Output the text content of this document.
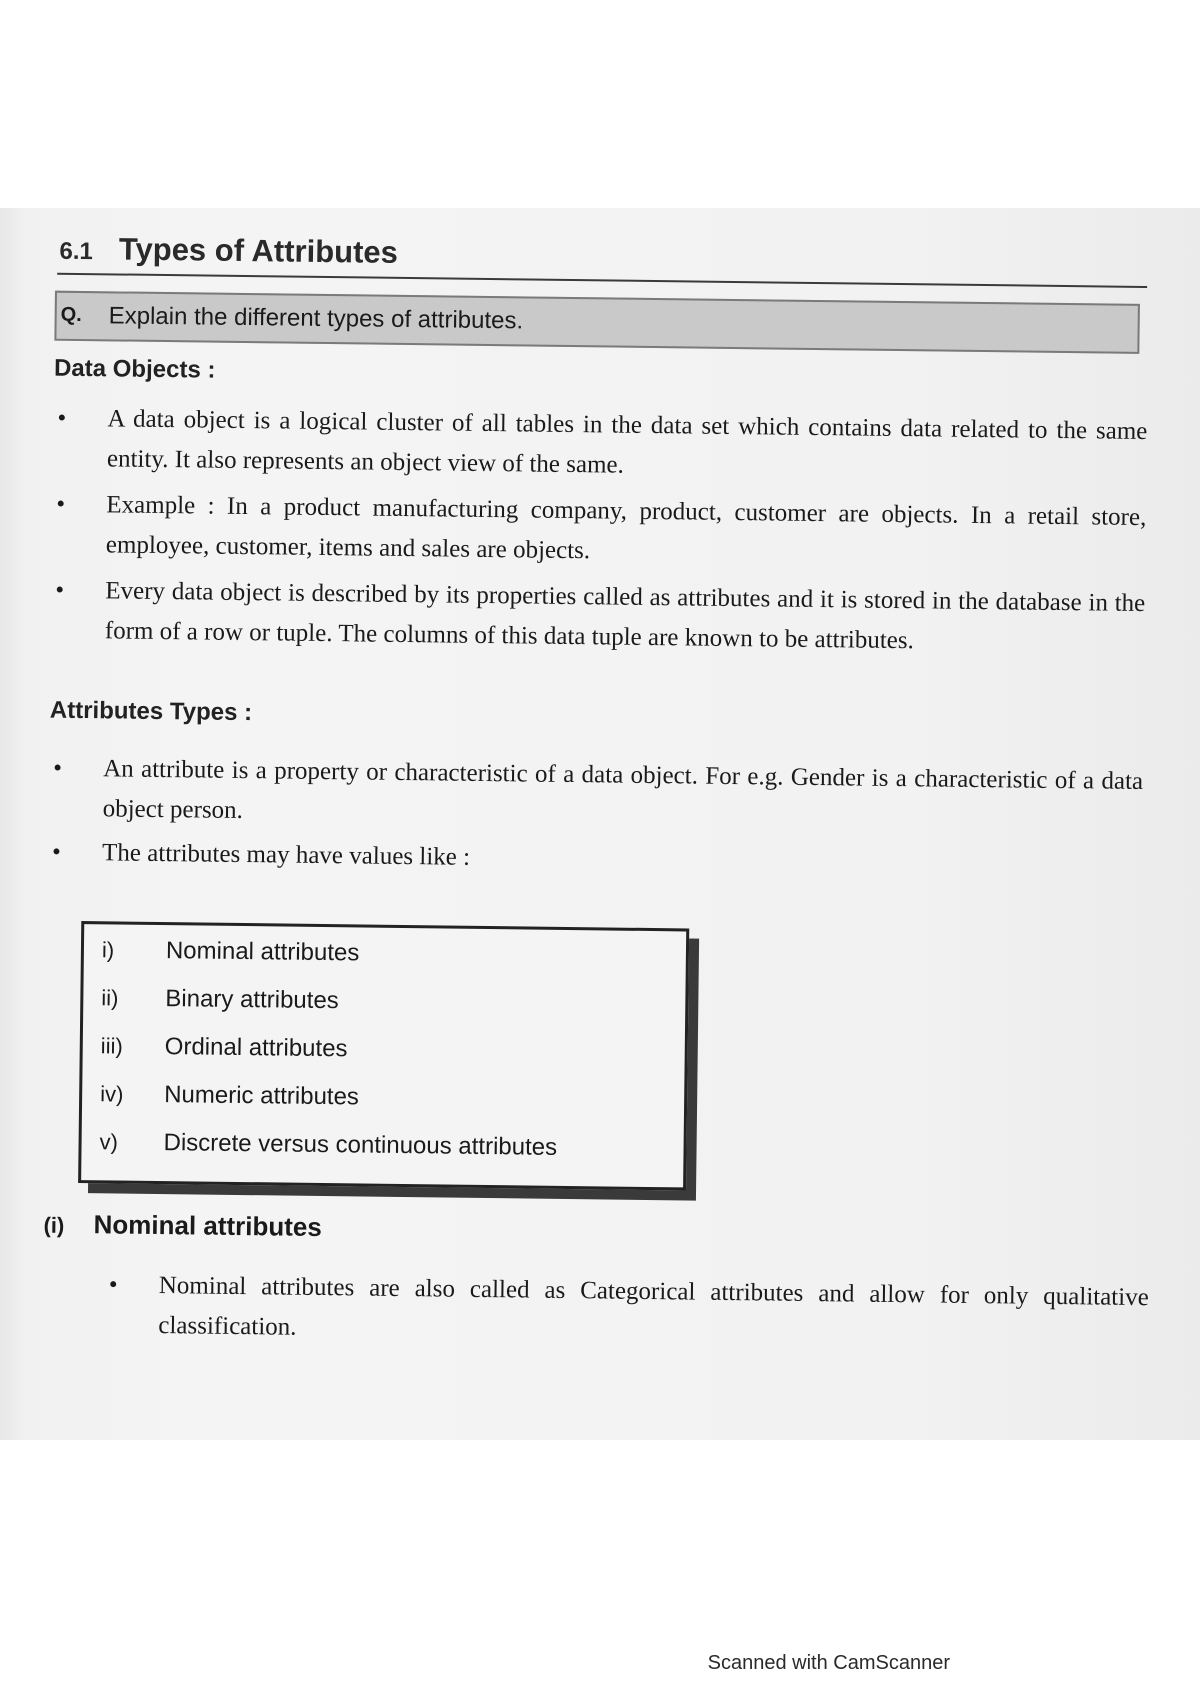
6.1 Types of Attributes
Q. Explain the different types of attributes.
Data Objects :
• A data object is a logical cluster of all tables in the data set which contains data related to the same entity. It also represents an object view of the same.
• Example : In a product manufacturing company, product, customer are objects. In a retail store, employee, customer, items and sales are objects.
• Every data object is described by its properties called as attributes and it is stored in the database in the form of a row or tuple. The columns of this data tuple are known to be attributes.
Attributes Types :
• An attribute is a property or characteristic of a data object. For e.g. Gender is a characteristic of a data object person.
• The attributes may have values like :
i) Nominal attributes
ii) Binary attributes
iii) Ordinal attributes
iv) Numeric attributes
v) Discrete versus continuous attributes
(i) Nominal attributes
• Nominal attributes are also called as Categorical attributes and allow for only qualitative classification.
Scanned with CamScanner
